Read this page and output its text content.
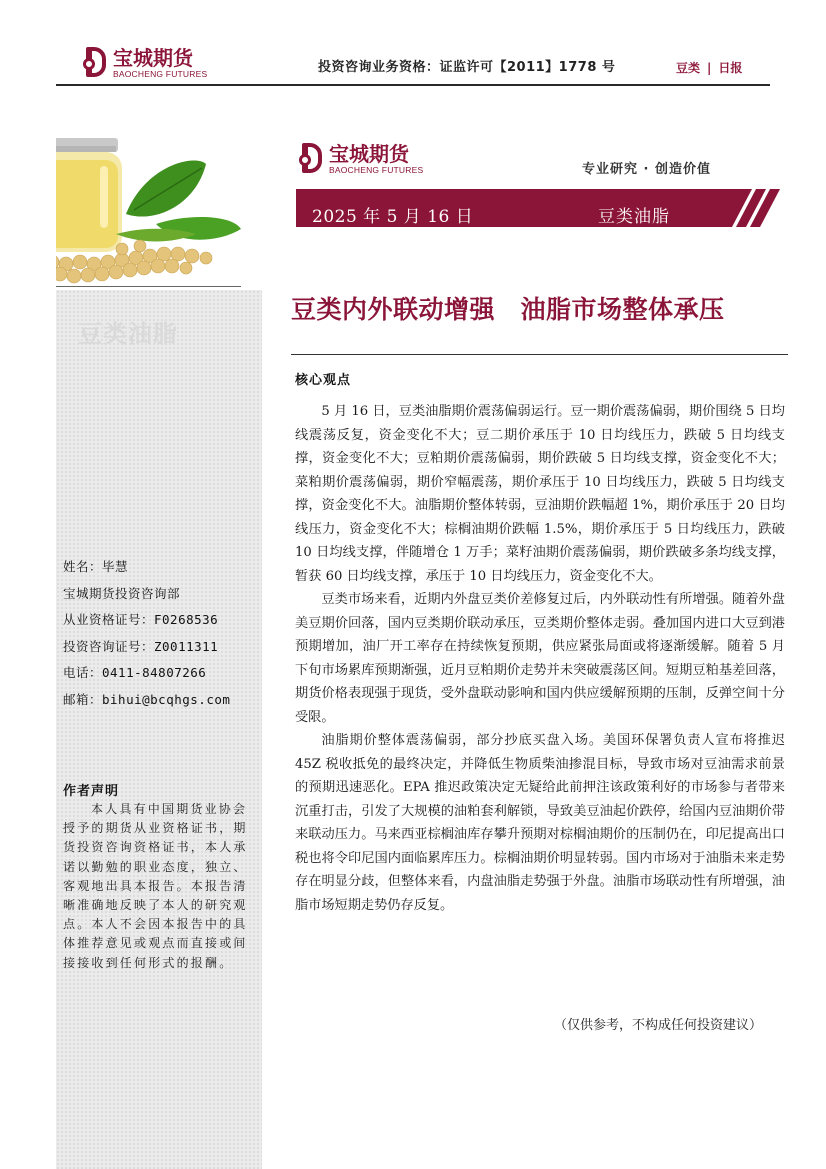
宝城期货
BAOCHENG FUTURES	投资咨询业务资格：证监许可【2011】1778 号	豆类 | 日报
豆类油脂
姓名：毕慧
宝城期货投资咨询部
从业资格证号：F0268536
投资咨询证号：Z0011311
电话：0411-84807266
邮箱：bihui@bcqhgs.com
作者声明
本人具有中国期货业协会授予的期货从业资格证书，期货投资咨询资格证书，本人承诺以勤勉的职业态度，独立、客观地出具本报告。本报告清晰准确地反映了本人的研究观点。本人不会因本报告中的具体推荐意见或观点而直接或间接接收到任何形式的报酬。
宝城期货
BAOCHENG FUTURES	专业研究 · 创造价值
2025 年 5 月 16 日	豆类油脂
豆类内外联动增强　油脂市场整体承压
核心观点

5 月 16 日，豆类油脂期价震荡偏弱运行。豆一期价震荡偏弱，期价围绕 5 日均线震荡反复，资金变化不大；豆二期价承压于 10 日均线压力，跌破 5 日均线支撑，资金变化不大；豆粕期价震荡偏弱，期价跌破 5 日均线支撑，资金变化不大；菜粕期价震荡偏弱，期价窄幅震荡，期价承压于 10 日均线压力，跌破 5 日均线支撑，资金变化不大。油脂期价整体转弱，豆油期价跌幅超 1%，期价承压于 20 日均线压力，资金变化不大；棕榈油期价跌幅 1.5%，期价承压于 5 日均线压力，跌破 10 日均线支撑，伴随增仓 1 万手；菜籽油期价震荡偏弱，期价跌破多条均线支撑，暂获 60 日均线支撑，承压于 10 日均线压力，资金变化不大。

豆类市场来看，近期内外盘豆类价差修复过后，内外联动性有所增强。随着外盘美豆期价回落，国内豆类期价联动承压，豆类期价整体走弱。叠加国内进口大豆到港预期增加，油厂开工率存在持续恢复预期，供应紧张局面或将逐渐缓解。随着 5 月下旬市场累库预期渐强，近月豆粕期价走势并未突破震荡区间。短期豆粕基差回落，期货价格表现强于现货，受外盘联动影响和国内供应缓解预期的压制，反弹空间十分受限。

油脂期价整体震荡偏弱，部分抄底买盘入场。美国环保署负责人宣布将推迟 45Z 税收抵免的最终决定，并降低生物质柴油掺混目标，导致市场对豆油需求前景的预期迅速恶化。EPA 推迟政策决定无疑给此前押注该政策利好的市场参与者带来沉重打击，引发了大规模的油粕套利解锁，导致美豆油起价跌停，给国内豆油期价带来联动压力。马来西亚棕榈油库存攀升预期对棕榈油期价的压制仍在，印尼提高出口税也将令印尼国内面临累库压力。棕榈油期价明显转弱。国内市场对于油脂未来走势存在明显分歧，但整体来看，内盘油脂走势强于外盘。油脂市场联动性有所增强，油脂市场短期走势仍存反复。

（仅供参考，不构成任何投资建议）
